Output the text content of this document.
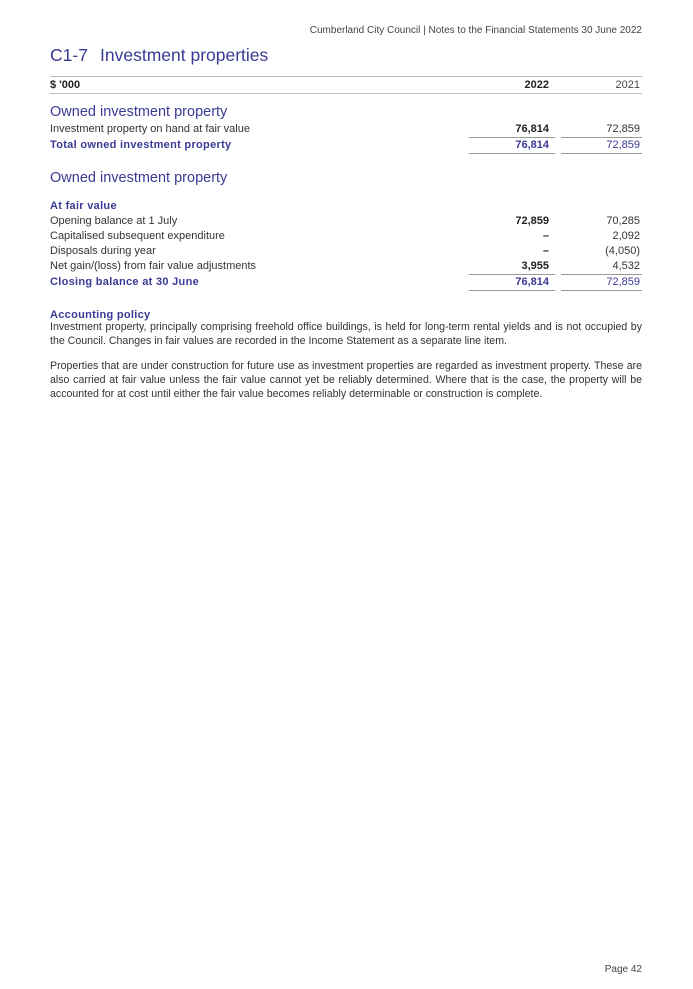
Cumberland City Council | Notes to the Financial Statements 30 June 2022
C1-7 Investment properties
$ '000	2022	2021
Owned investment property
Investment property on hand at fair value	76,814	72,859
Total owned investment property	76,814	72,859
Owned investment property
At fair value
Opening balance at 1 July	72,859	70,285
Capitalised subsequent expenditure	–	2,092
Disposals during year	–	(4,050)
Net gain/(loss) from fair value adjustments	3,955	4,532
Closing balance at 30 June	76,814	72,859
Accounting policy
Investment property, principally comprising freehold office buildings, is held for long-term rental yields and is not occupied by the Council. Changes in fair values are recorded in the Income Statement as a separate line item.
Properties that are under construction for future use as investment properties are regarded as investment property. These are also carried at fair value unless the fair value cannot yet be reliably determined. Where that is the case, the property will be accounted for at cost until either the fair value becomes reliably determinable or construction is complete.
Page 42
